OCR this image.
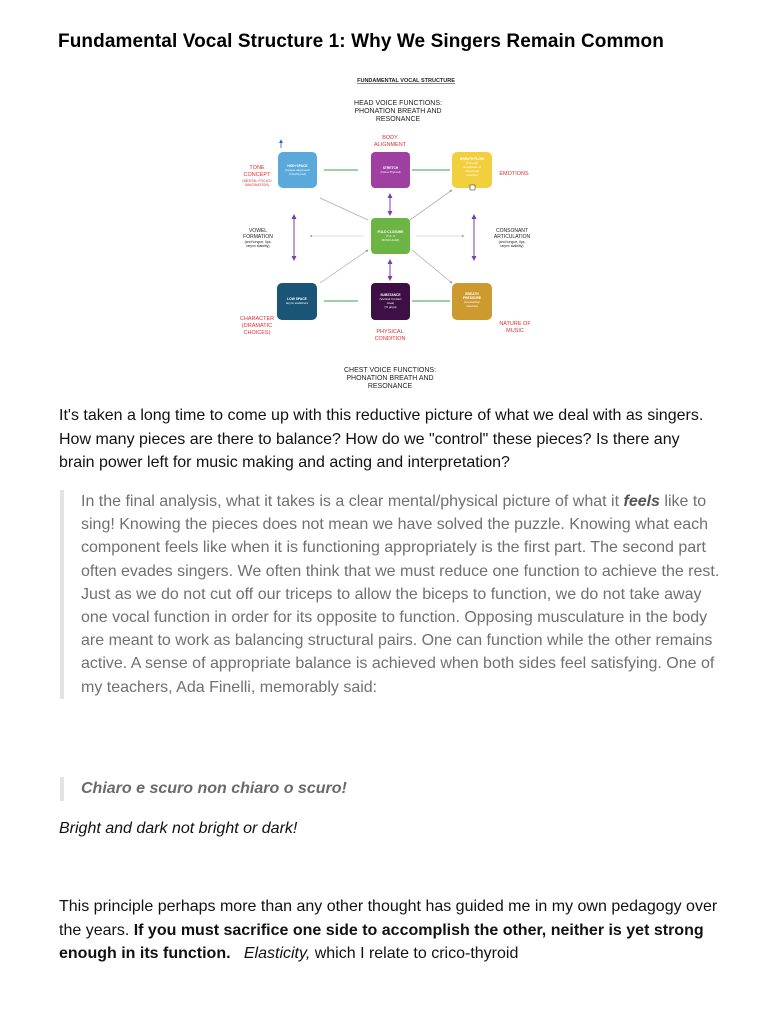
Fundamental Vocal Structure 1: Why We Singers Remain Common
FUNDAMENTAL VOCAL STRUCTURE
HEAD VOICE FUNCTIONS:
PHONATION BREATH AND
RESONANCE
BODY
ALIGNMENT
TONE
CONCEPT
(MENTAL FOCUS/
IMAGINATION)
EMOTIONS
CHARACTER
(DRAMATIC
CHOICES)	PHYSICAL
CONDITION
NATURE OF
MUSIC
VOWEL
FORMATION
(and tongue, lips,
larynx stability)
CONSONANT
ARTICULATION
(and tongue, lips,
larynx stability)
HIGH SPACE
(tongue alignment/
Cricothyroid)
STRETCH
(Crico-Thyroid)
BREATH FLOW
(Through
antagonist of
Intercostal
muscles)
FOLD CLOSURE
(T.A. &
MUSCULAR)
LOW SPACE
larynx stabilizers
SUBSTANCE
(Vertical Contact
Area)
["Il grigo]
BREATH
PRESSURE
(Contraction
muscles)
CHEST VOICE FUNCTIONS:
PHONATION BREATH AND
RESONANCE

It's taken a long time to come up with this reductive picture of what we deal with as singers. How many pieces are there to balance? How do we "control" these pieces? Is there any brain power left for music making and acting and interpretation?

In the final analysis, what it takes is a clear mental/physical picture of what it feels like to sing! Knowing the pieces does not mean we have solved the puzzle. Knowing what each component feels like when it is functioning appropriately is the first part. The second part often evades singers. We often think that we must reduce one function to achieve the rest. Just as we do not cut off our triceps to allow the biceps to function, we do not take away one vocal function in order for its opposite to function. Opposing musculature in the body are meant to work as balancing structural pairs. One can function while the other remains active. A sense of appropriate balance is achieved when both sides feel satisfying. One of my teachers, Ada Finelli, memorably said:

Chiaro e scuro non chiaro o scuro!

Bright and dark not bright or dark!

This principle perhaps more than any other thought has guided me in my own pedagogy over the years. If you must sacrifice one side to accomplish the other, neither is yet strong enough in its function. Elasticity, which I relate to crico-thyroid
